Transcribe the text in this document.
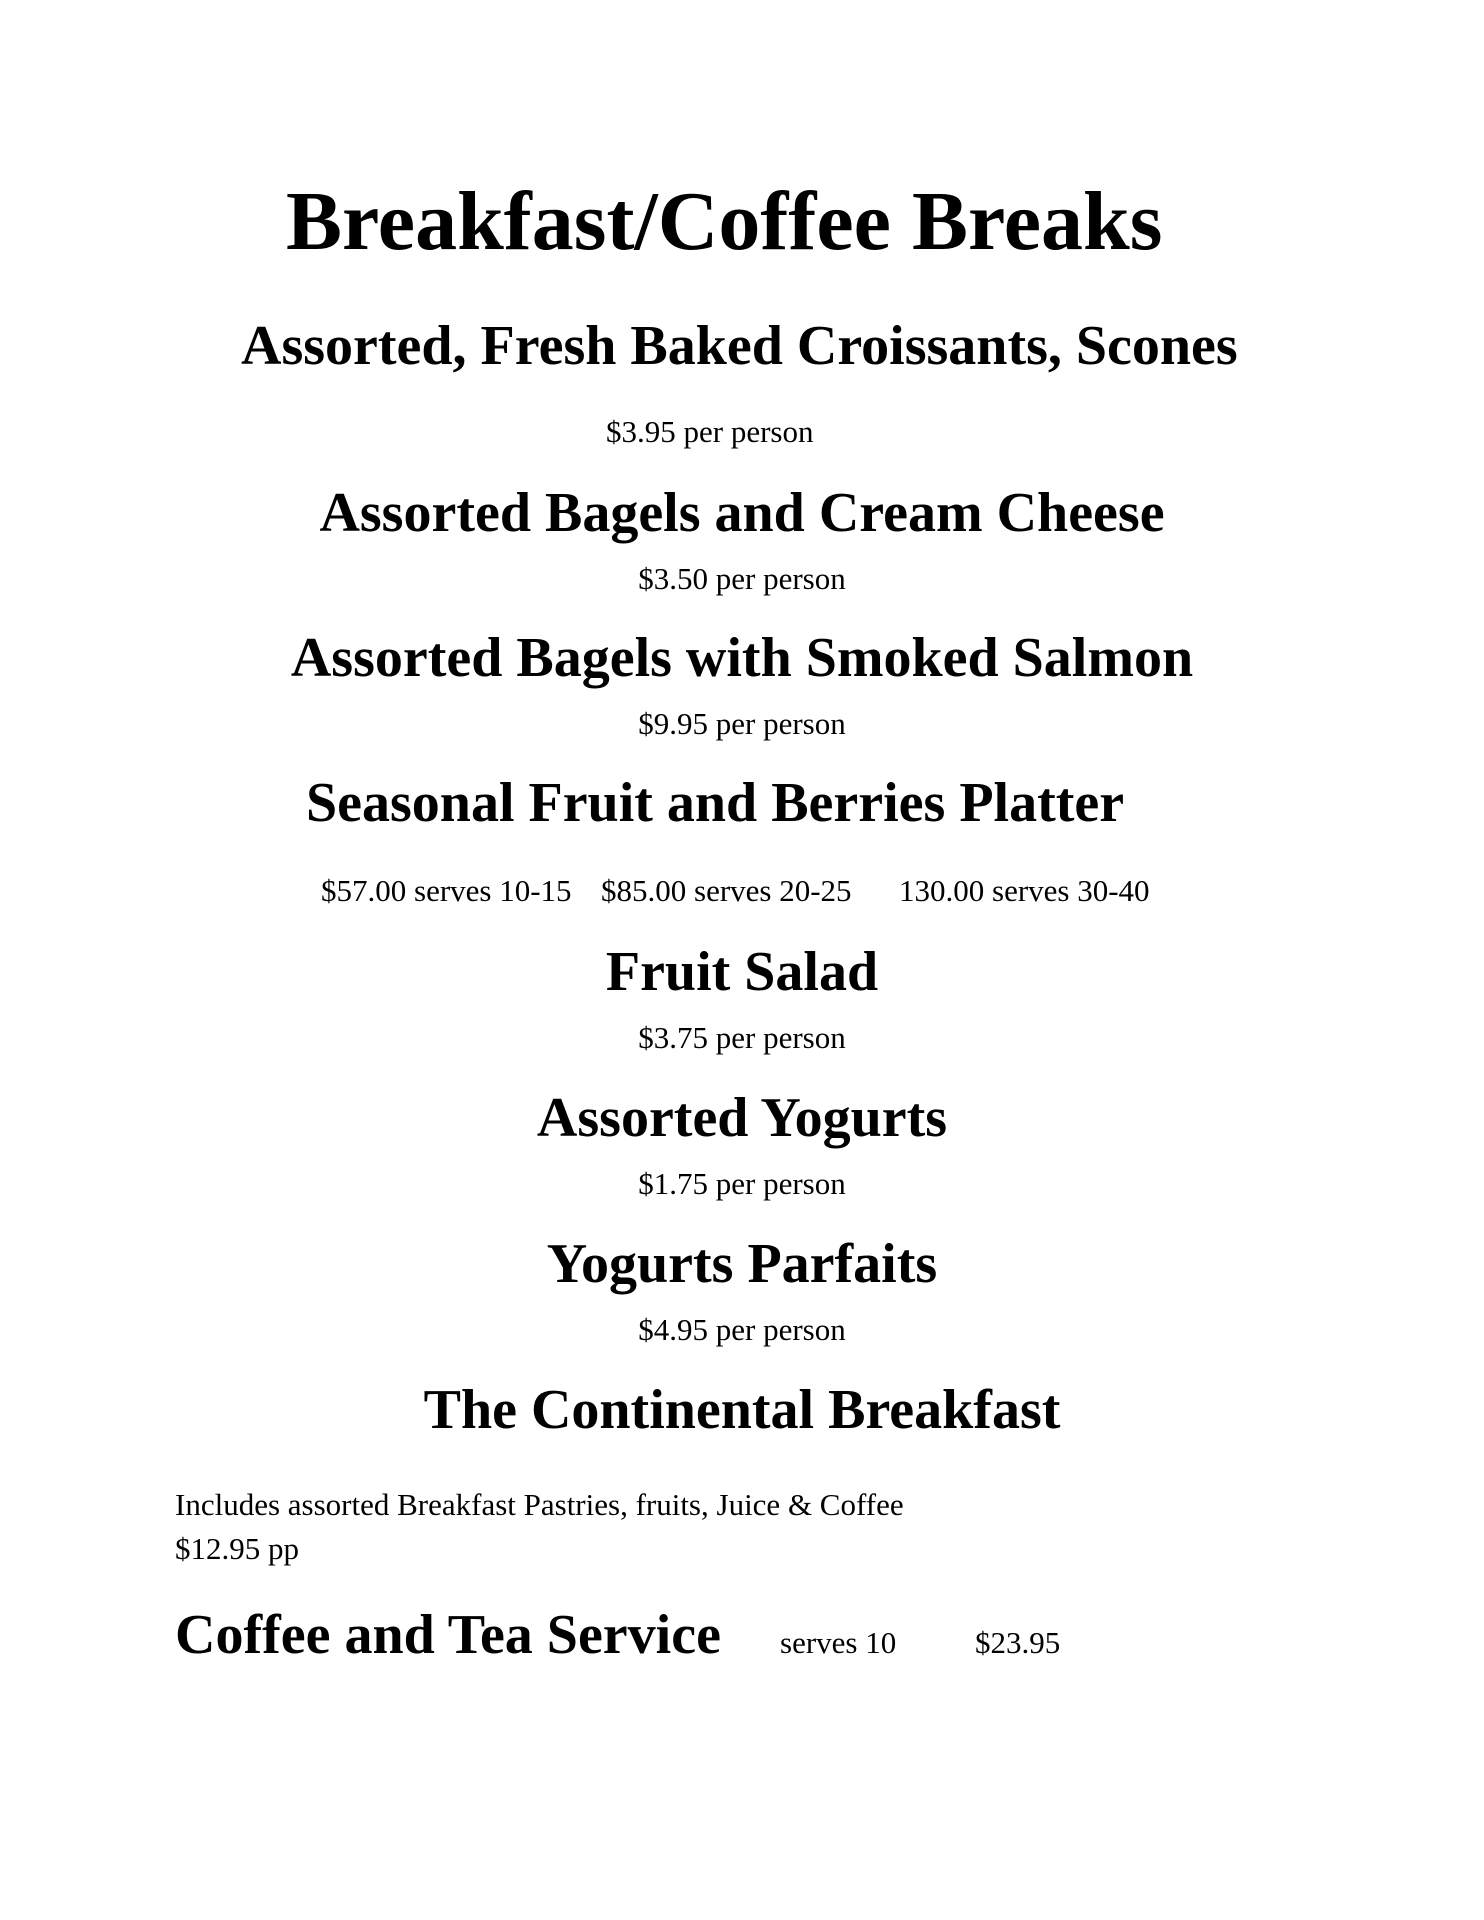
Breakfast/Coffee Breaks
Assorted, Fresh Baked Croissants, Scones
$3.95 per person
Assorted Bagels and Cream Cheese
$3.50 per person
Assorted Bagels with Smoked Salmon
$9.95 per person
Seasonal Fruit and Berries Platter
$57.00 serves 10-15 $85.00 serves 20-25 130.00 serves 30-40
Fruit Salad
$3.75 per person
Assorted Yogurts
$1.75 per person
Yogurts Parfaits
$4.95 per person
The Continental Breakfast
Includes assorted Breakfast Pastries, fruits, Juice & Coffee
$12.95 pp
Coffee and Tea Service serves 10	$23.95
